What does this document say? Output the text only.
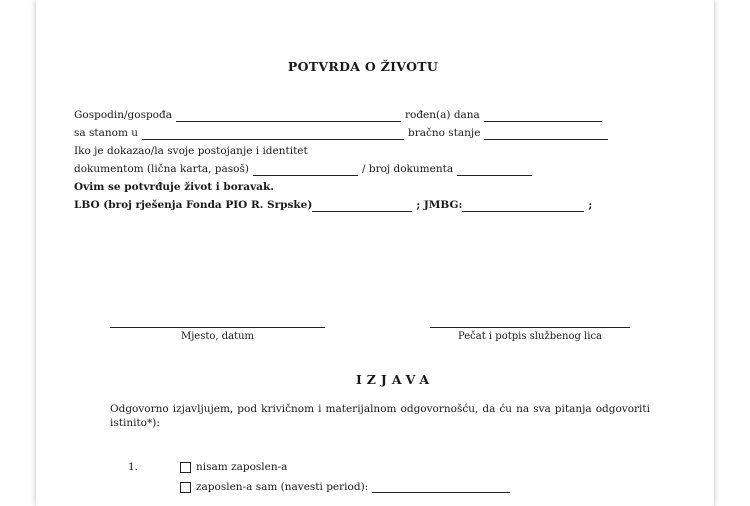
POTVRDA O ŽIVOTU
Gospodin/gospođa	rođen(a) dana
sa stanom u	bračno stanje
Iko je dokazao/la svoje postojanje i identitet
dokumentom (lična karta, pasoš)	/ broj dokumenta
Ovim se potvrđuje život i boravak.
LBO (broj rješenja Fonda PIO R. Srpske)	; JMBG:	;
Mjesto, datum	Pečat i potpis službenog lica
IZJAVA
Odgovorno izjavljujem, pod krivičnom i materijalnom odgovornošću, da ću na sva pitanja odgovoriti istinito*):
1.	nisam zaposlen-a
zaposlen-a sam (navesti period):
